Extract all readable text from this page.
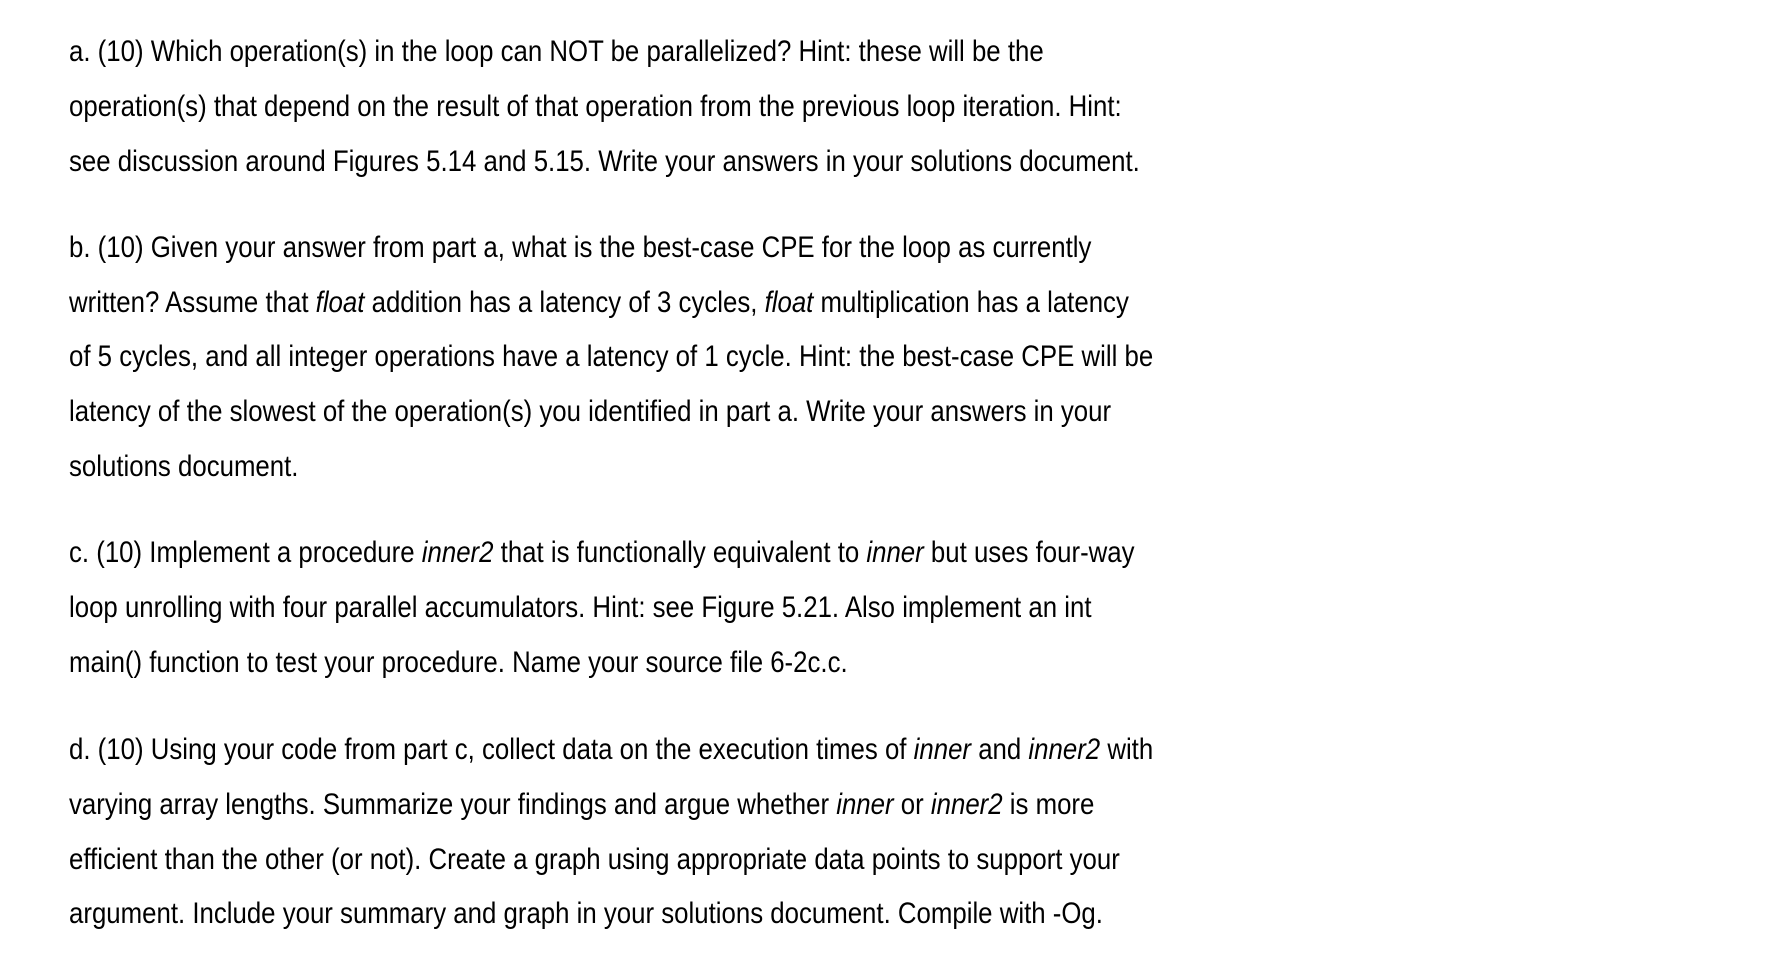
a. (10) Which operation(s) in the loop can NOT be parallelized? Hint: these will be the
operation(s) that depend on the result of that operation from the previous loop iteration. Hint:
see discussion around Figures 5.14 and 5.15. Write your answers in your solutions document.
b. (10) Given your answer from part a, what is the best-case CPE for the loop as currently
written? Assume that float addition has a latency of 3 cycles, float multiplication has a latency
of 5 cycles, and all integer operations have a latency of 1 cycle. Hint: the best-case CPE will be
latency of the slowest of the operation(s) you identified in part a. Write your answers in your
solutions document.
c. (10) Implement a procedure inner2 that is functionally equivalent to inner but uses four-way
loop unrolling with four parallel accumulators. Hint: see Figure 5.21. Also implement an int
main() function to test your procedure. Name your source file 6-2c.c.
d. (10) Using your code from part c, collect data on the execution times of inner and inner2 with
varying array lengths. Summarize your findings and argue whether inner or inner2 is more
efficient than the other (or not). Create a graph using appropriate data points to support your
argument. Include your summary and graph in your solutions document. Compile with -Og.
